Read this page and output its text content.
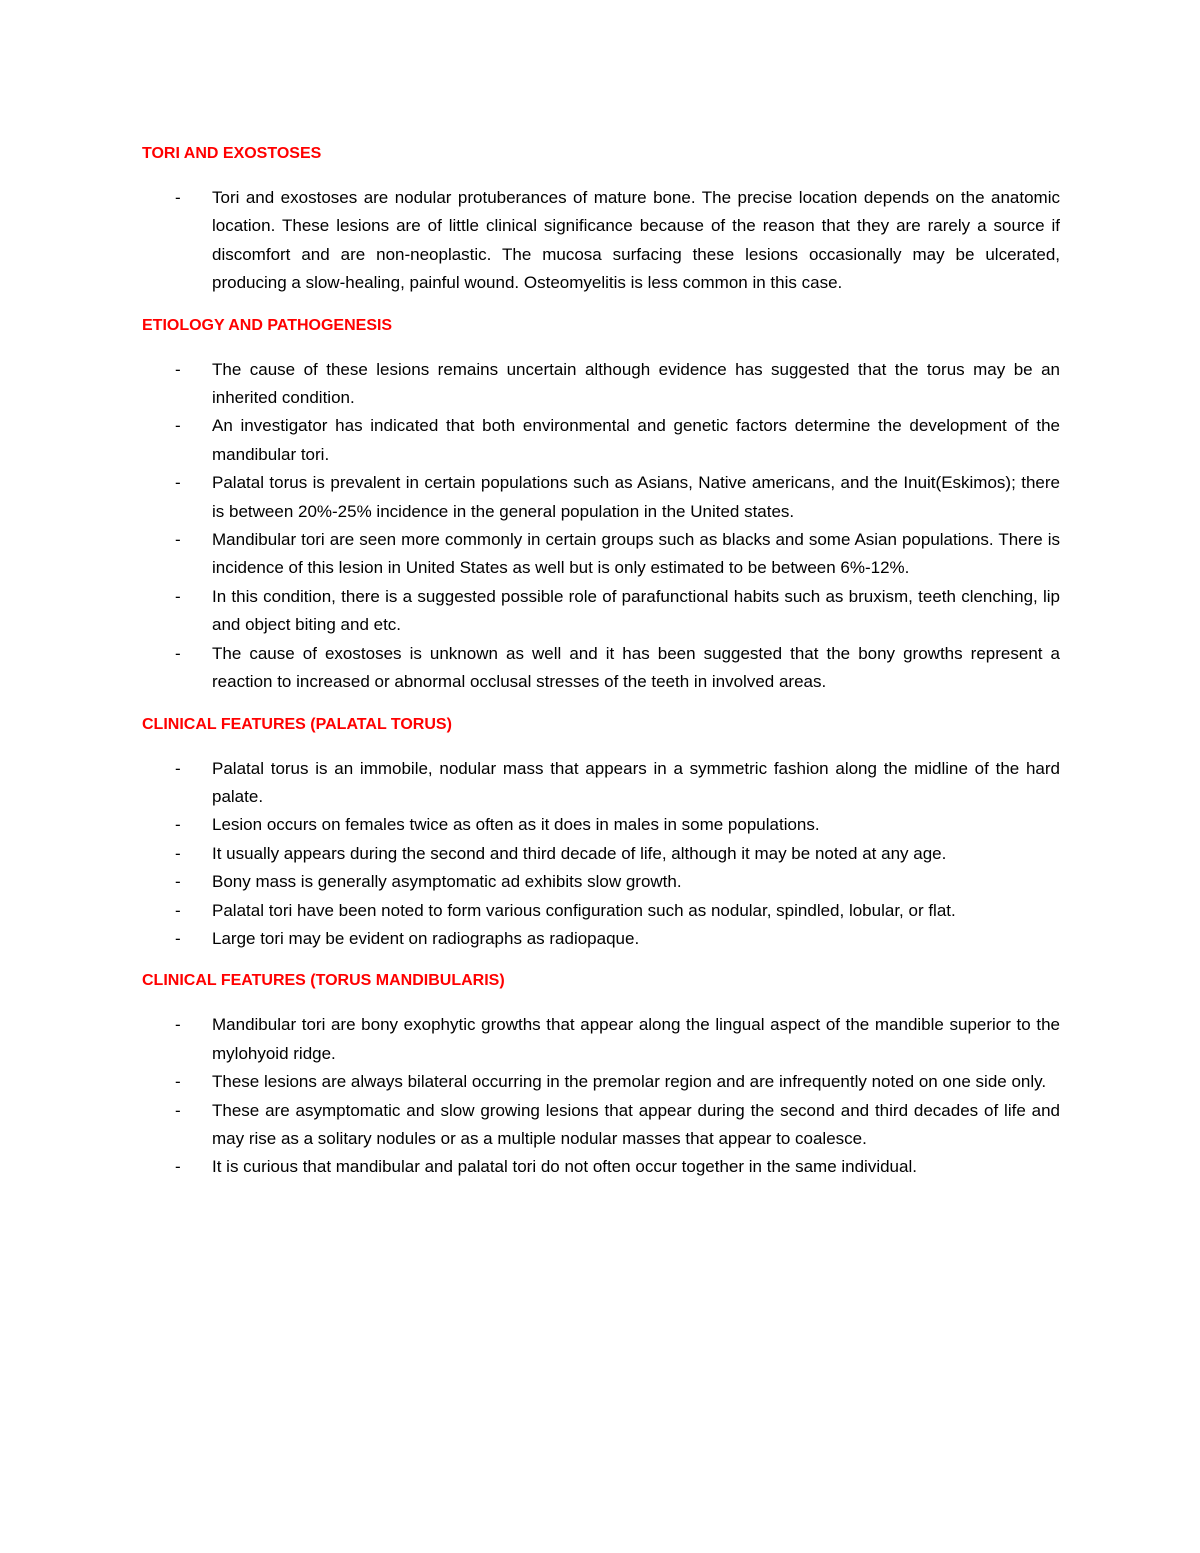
TORI AND EXOSTOSES
-	Tori and exostoses are nodular protuberances of mature bone. The precise location depends on the anatomic location. These lesions are of little clinical significance because of the reason that they are rarely a source if discomfort and are non-neoplastic. The mucosa surfacing these lesions occasionally may be ulcerated, producing a slow-healing, painful wound. Osteomyelitis is less common in this case.
ETIOLOGY AND PATHOGENESIS
-	The cause of these lesions remains uncertain although evidence has suggested that the torus may be an inherited condition.
-	An investigator has indicated that both environmental and genetic factors determine the development of the mandibular tori.
-	Palatal torus is prevalent in certain populations such as Asians, Native americans, and the Inuit(Eskimos); there is between 20%-25% incidence in the general population in the United states.
-	Mandibular tori are seen more commonly in certain groups such as blacks and some Asian populations. There is incidence of this lesion in United States as well but is only estimated to be between 6%-12%.
-	In this condition, there is a suggested possible role of parafunctional habits such as bruxism, teeth clenching, lip and object biting and etc.
-	The cause of exostoses is unknown as well and it has been suggested that the bony growths represent a reaction to increased or abnormal occlusal stresses of the teeth in involved areas.
CLINICAL FEATURES (PALATAL TORUS)
-	Palatal torus is an immobile, nodular mass that appears in a symmetric fashion along the midline of the hard palate.
-	Lesion occurs on females twice as often as it does in males in some populations.
-	It usually appears during the second and third decade of life, although it may be noted at any age.
-	Bony mass is generally asymptomatic ad exhibits slow growth.
-	Palatal tori have been noted to form various configuration such as nodular, spindled, lobular, or flat.
-	Large tori may be evident on radiographs as radiopaque.
CLINICAL FEATURES (TORUS MANDIBULARIS)
-	Mandibular tori are bony exophytic growths that appear along the lingual aspect of the mandible superior to the mylohyoid ridge.
-	These lesions are always bilateral occurring in the premolar region and are infrequently noted on one side only.
-	These are asymptomatic and slow growing lesions that appear during the second and third decades of life and may rise as a solitary nodules or as a multiple nodular masses that appear to coalesce.
-	It is curious that mandibular and palatal tori do not often occur together in the same individual.
